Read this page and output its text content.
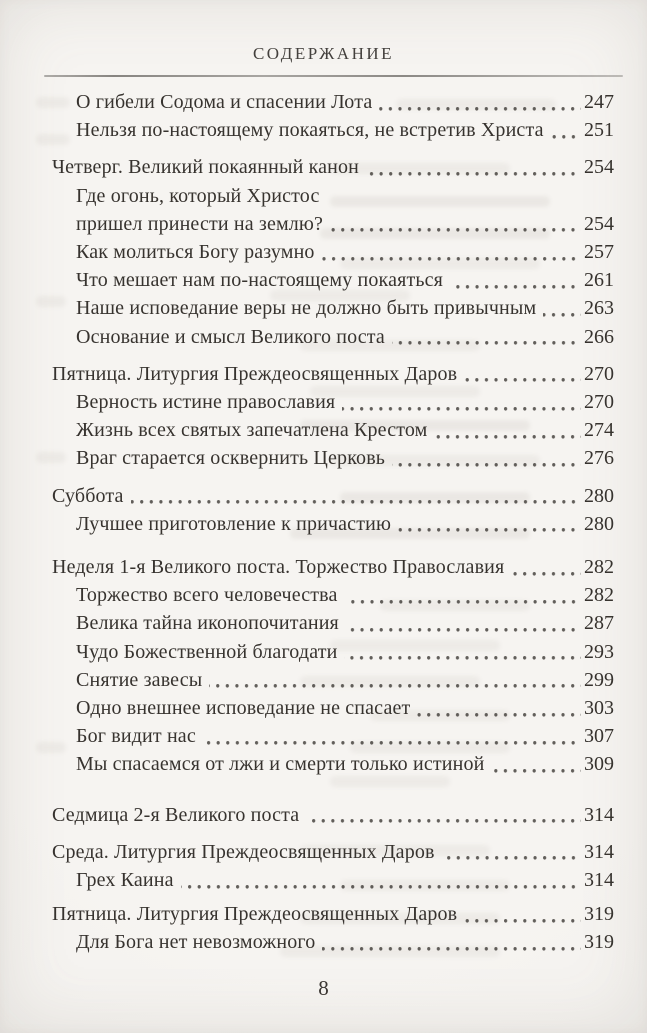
СОДЕРЖАНИЕ
О гибели Содома и спасении Лота	247
Нельзя по-настоящему покаяться, не встретив Христа 251
Четверг. Великий покаянный канон	254
Где огонь, который Христос
пришел принести на землю?	254
Как молиться Богу разумно	257
Что мешает нам по-настоящему покаяться	261
Наше исповедание веры не должно быть привычным 263
Основание и смысл Великого поста	266
Пятница. Литургия Преждеосвященных Даров	270
Верность истине православия	270
Жизнь всех святых запечатлена Крестом	274
Враг старается осквернить Церковь	276
Суббота	280
Лучшее приготовление к причастию	280
Неделя 1-я Великого поста. Торжество Православия	282
Торжество всего человечества	282
Велика тайна иконопочитания	287
Чудо Божественной благодати	293
Снятие завесы	299
Одно внешнее исповедание не спасает	303
Бог видит нас	307
Мы спасаемся от лжи и смерти только истиной	309
Седмица 2-я Великого поста	314
Среда. Литургия Преждеосвященных Даров	314
Грех Каина	314
Пятница. Литургия Преждеосвященных Даров	319
Для Бога нет невозможного	319
8
